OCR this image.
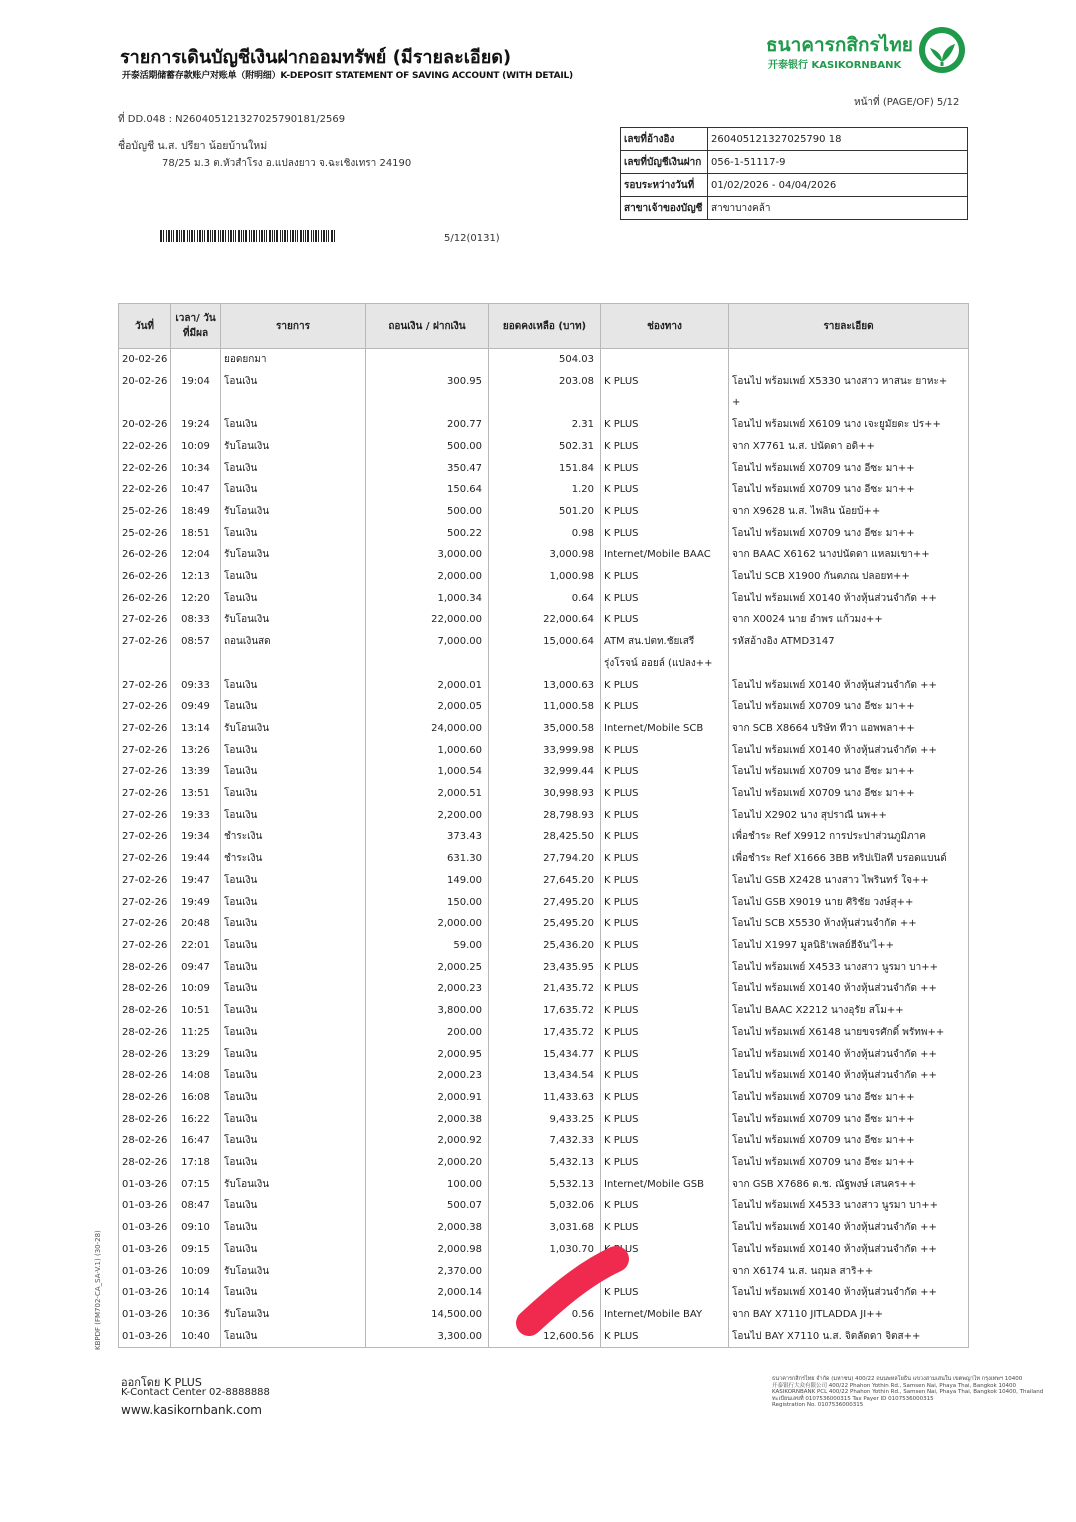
รายการเดินบัญชีเงินฝากออมทรัพย์ (มีรายละเอียด)
开泰活期储蓄存款账户对账单（附明细）K-DEPOSIT STATEMENT OF SAVING ACCOUNT (WITH DETAIL)
ธนาคารกสิกรไทย
开泰银行 KASIKORNBANK
หน้าที่ (PAGE/OF) 5/12
ที่ DD.048 : N260405121327025790181/2569
ชื่อบัญชี น.ส. ปรียา น้อยบ้านใหม่
78/25 ม.3 ต.หัวสำโรง อ.แปลงยาว จ.ฉะเชิงเทรา 24190
5/12(0131)
เลขที่อ้างอิง	260405121327025790 18
เลขที่บัญชีเงินฝาก	056-1-51117-9
รอบระหว่างวันที่	01/02/2026 - 04/04/2026
สาขาเจ้าของบัญชี	สาขาบางคล้า
วันที่	เวลา/ วันที่มีผล	รายการ	ถอนเงิน / ฝากเงิน	ยอดคงเหลือ (บาท)	ช่องทาง	รายละเอียด
20-02-26		ยอดยกมา		504.03		
20-02-26	19:04	โอนเงิน	300.95	203.08	K PLUS	โอนไป พร้อมเพย์ X5330 นางสาว หาสนะ ยาหะ+
						+
20-02-26	19:24	โอนเงิน	200.77	2.31	K PLUS	โอนไป พร้อมเพย์ X6109 นาง เจะยูมัยดะ ปร++
22-02-26	10:09	รับโอนเงิน	500.00	502.31	K PLUS	จาก X7761 น.ส. ปนัดดา อดิ++
22-02-26	10:34	โอนเงิน	350.47	151.84	K PLUS	โอนไป พร้อมเพย์ X0709 นาง อีซะ มา++
22-02-26	10:47	โอนเงิน	150.64	1.20	K PLUS	โอนไป พร้อมเพย์ X0709 นาง อีซะ มา++
25-02-26	18:49	รับโอนเงิน	500.00	501.20	K PLUS	จาก X9628 น.ส. ไพลิน น้อยบ้++
25-02-26	18:51	โอนเงิน	500.22	0.98	K PLUS	โอนไป พร้อมเพย์ X0709 นาง อีซะ มา++
26-02-26	12:04	รับโอนเงิน	3,000.00	3,000.98	Internet/Mobile BAAC	จาก BAAC X6162 นางปนัดดา แหลมเขา++
26-02-26	12:13	โอนเงิน	2,000.00	1,000.98	K PLUS	โอนไป SCB X1900 กันตภณ ปลอยท++
26-02-26	12:20	โอนเงิน	1,000.34	0.64	K PLUS	โอนไป พร้อมเพย์ X0140 ห้างหุ้นส่วนจำกัด ++
27-02-26	08:33	รับโอนเงิน	22,000.00	22,000.64	K PLUS	จาก X0024 นาย อำพร แก้วมง++
27-02-26	08:57	ถอนเงินสด	7,000.00	15,000.64	ATM สน.ปตท.ชัยเสรี	รหัสอ้างอิง ATMD3147
					รุ่งโรจน์ ออยล์ (แปลง++	
27-02-26	09:33	โอนเงิน	2,000.01	13,000.63	K PLUS	โอนไป พร้อมเพย์ X0140 ห้างหุ้นส่วนจำกัด ++
27-02-26	09:49	โอนเงิน	2,000.05	11,000.58	K PLUS	โอนไป พร้อมเพย์ X0709 นาง อีซะ มา++
27-02-26	13:14	รับโอนเงิน	24,000.00	35,000.58	Internet/Mobile SCB	จาก SCB X8664 บริษัท ทีวา แอพพลา++
27-02-26	13:26	โอนเงิน	1,000.60	33,999.98	K PLUS	โอนไป พร้อมเพย์ X0140 ห้างหุ้นส่วนจำกัด ++
27-02-26	13:39	โอนเงิน	1,000.54	32,999.44	K PLUS	โอนไป พร้อมเพย์ X0709 นาง อีซะ มา++
27-02-26	13:51	โอนเงิน	2,000.51	30,998.93	K PLUS	โอนไป พร้อมเพย์ X0709 นาง อีซะ มา++
27-02-26	19:33	โอนเงิน	2,200.00	28,798.93	K PLUS	โอนไป X2902 นาง สุปราณี นพ++
27-02-26	19:34	ชำระเงิน	373.43	28,425.50	K PLUS	เพื่อชำระ Ref X9912 การประปาส่วนภูมิภาค
27-02-26	19:44	ชำระเงิน	631.30	27,794.20	K PLUS	เพื่อชำระ Ref X1666 3BB ทริปเปิลที บรอดแบนด์
27-02-26	19:47	โอนเงิน	149.00	27,645.20	K PLUS	โอนไป GSB X2428 นางสาว ไพรินทร์ ใจ++
27-02-26	19:49	โอนเงิน	150.00	27,495.20	K PLUS	โอนไป GSB X9019 นาย ศิริชัย วงษ์สุ++
27-02-26	20:48	โอนเงิน	2,000.00	25,495.20	K PLUS	โอนไป SCB X5530 ห้างหุ้นส่วนจำกัด ++
27-02-26	22:01	โอนเงิน	59.00	25,436.20	K PLUS	โอนไป X1997 มูลนิธิ'เพลย์ฮีจัน'ไ++
28-02-26	09:47	โอนเงิน	2,000.25	23,435.95	K PLUS	โอนไป พร้อมเพย์ X4533 นางสาว นูรมา บา++
28-02-26	10:09	โอนเงิน	2,000.23	21,435.72	K PLUS	โอนไป พร้อมเพย์ X0140 ห้างหุ้นส่วนจำกัด ++
28-02-26	10:51	โอนเงิน	3,800.00	17,635.72	K PLUS	โอนไป BAAC X2212 นางอุรัย สโม++
28-02-26	11:25	โอนเงิน	200.00	17,435.72	K PLUS	โอนไป พร้อมเพย์ X6148 นายขจรศักดิ์ พรัทพ++
28-02-26	13:29	โอนเงิน	2,000.95	15,434.77	K PLUS	โอนไป พร้อมเพย์ X0140 ห้างหุ้นส่วนจำกัด ++
28-02-26	14:08	โอนเงิน	2,000.23	13,434.54	K PLUS	โอนไป พร้อมเพย์ X0140 ห้างหุ้นส่วนจำกัด ++
28-02-26	16:08	โอนเงิน	2,000.91	11,433.63	K PLUS	โอนไป พร้อมเพย์ X0709 นาง อีซะ มา++
28-02-26	16:22	โอนเงิน	2,000.38	9,433.25	K PLUS	โอนไป พร้อมเพย์ X0709 นาง อีซะ มา++
28-02-26	16:47	โอนเงิน	2,000.92	7,432.33	K PLUS	โอนไป พร้อมเพย์ X0709 นาง อีซะ มา++
28-02-26	17:18	โอนเงิน	2,000.20	5,432.13	K PLUS	โอนไป พร้อมเพย์ X0709 นาง อีซะ มา++
01-03-26	07:15	รับโอนเงิน	100.00	5,532.13	Internet/Mobile GSB	จาก GSB X7686 ด.ช. ณัฐพงษ์ เสนคร++
01-03-26	08:47	โอนเงิน	500.07	5,032.06	K PLUS	โอนไป พร้อมเพย์ X4533 นางสาว นูรมา บา++
01-03-26	09:10	โอนเงิน	2,000.38	3,031.68	K PLUS	โอนไป พร้อมเพย์ X0140 ห้างหุ้นส่วนจำกัด ++
01-03-26	09:15	โอนเงิน	2,000.98	1,030.70	K PLUS	โอนไป พร้อมเพย์ X0140 ห้างหุ้นส่วนจำกัด ++
01-03-26	10:09	รับโอนเงิน	2,370.00	3	S	จาก X6174 น.ส. นฤมล สาริ++
01-03-26	10:14	โอนเงิน	2,000.14		K PLUS	โอนไป พร้อมเพย์ X0140 ห้างหุ้นส่วนจำกัด ++
01-03-26	10:36	รับโอนเงิน	14,500.00	0.56	Internet/Mobile BAY	จาก BAY X7110 JITLADDA JI++
01-03-26	10:40	โอนเงิน	3,300.00	12,600.56	K PLUS	โอนไป BAY X7110 น.ส. จิตลัดดา จิตส++
KBPDF (FM702-CA_SA-V.1) (30-28)
ออกโดย K PLUS
K-Contact Center 02-8888888
www.kasikornbank.com
ธนาคารกสิกรไทย จำกัด (มหาชน) 400/22 ถนนพหลโยธิน แขวงสามเสนใน เขตพญาไท กรุงเทพฯ 10400
开泰银行大众有限公司 400/22 Phahon Yothin Rd., Samsen Nai, Phaya Thai, Bangkok 10400
KASIKORNBANK PCL 400/22 Phahon Yothin Rd., Samsen Nai, Phaya Thai, Bangkok 10400, Thailand
ทะเบียนเลขที่ 0107536000315 Tax Payer ID 0107536000315
Registration No. 0107536000315
